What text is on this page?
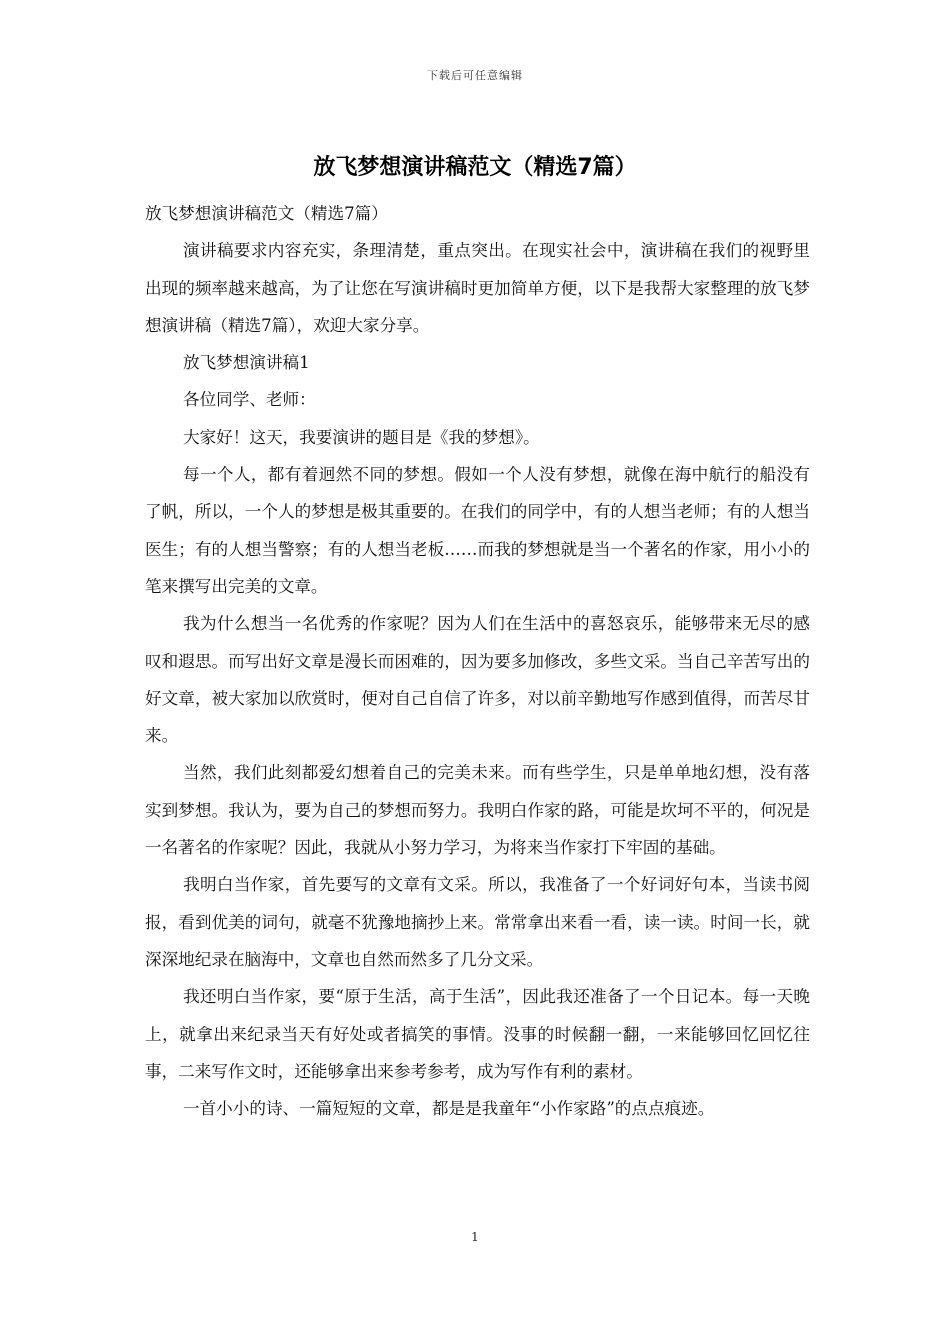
下载后可任意编辑
放飞梦想演讲稿范文（精选7篇）

放飞梦想演讲稿范文（精选7篇）

演讲稿要求内容充实，条理清楚，重点突出。在现实社会中，演讲稿在我们的视野里出现的频率越来越高，为了让您在写演讲稿时更加简单方便，以下是我帮大家整理的放飞梦想演讲稿（精选7篇），欢迎大家分享。

放飞梦想演讲稿1

各位同学、老师：

大家好！这天，我要演讲的题目是《我的梦想》。

每一个人，都有着迥然不同的梦想。假如一个人没有梦想，就像在海中航行的船没有了帆，所以，一个人的梦想是极其重要的。在我们的同学中，有的人想当老师；有的人想当医生；有的人想当警察；有的人想当老板……而我的梦想就是当一个著名的作家，用小小的笔来撰写出完美的文章。

我为什么想当一名优秀的作家呢？因为人们在生活中的喜怒哀乐，能够带来无尽的感叹和遐思。而写出好文章是漫长而困难的，因为要多加修改，多些文采。当自己辛苦写出的好文章，被大家加以欣赏时，便对自己自信了许多，对以前辛勤地写作感到值得，而苦尽甘来。

当然，我们此刻都爱幻想着自己的完美未来。而有些学生，只是单单地幻想，没有落实到梦想。我认为，要为自己的梦想而努力。我明白作家的路，可能是坎坷不平的，何况是一名著名的作家呢？因此，我就从小努力学习，为将来当作家打下牢固的基础。

我明白当作家，首先要写的文章有文采。所以，我准备了一个好词好句本，当读书阅报，看到优美的词句，就毫不犹豫地摘抄上来。常常拿出来看一看，读一读。时间一长，就深深地纪录在脑海中，文章也自然而然多了几分文采。

我还明白当作家，要“原于生活，高于生活”，因此我还准备了一个日记本。每一天晚上，就拿出来纪录当天有好处或者搞笑的事情。没事的时候翻一翻，一来能够回忆回忆往事，二来写作文时，还能够拿出来参考参考，成为写作有利的素材。

一首小小的诗、一篇短短的文章，都是是我童年“小作家路”的点点痕迹。

1
